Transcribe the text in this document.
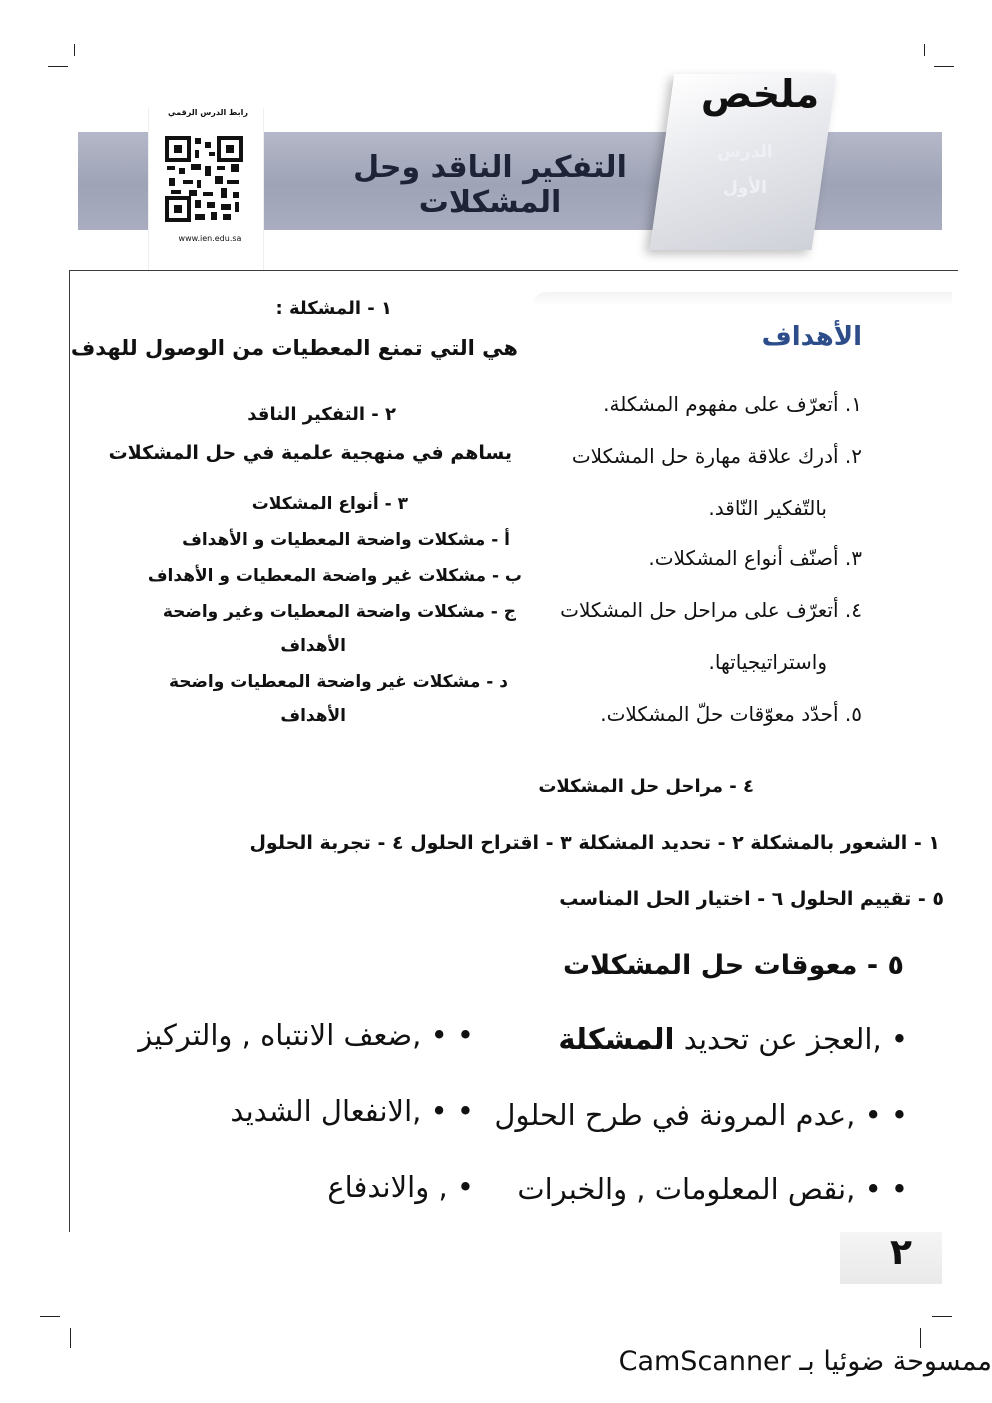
التفكير الناقد وحل المشكلات
رابط الدرس الرقمي
www.ien.edu.sa
ملخص
الدرس
الأول
الأهداف
١. أتعرّف على مفهوم المشكلة.
٢. أدرك علاقة مهارة حل المشكلات
بالتّفكير النّاقد.
٣. أصنّف أنواع المشكلات.
٤. أتعرّف على مراحل حل المشكلات
واستراتيجياتها.
٥. أحدّد معوّقات حلّ المشكلات.
١ - المشكلة :
هي التي تمنع المعطيات من الوصول للهدف
٢ - التفكير الناقد
يساهم في منهجية علمية في حل المشكلات
٣ - أنواع المشكلات
أ - مشكلات واضحة المعطيات و الأهداف
ب - مشكلات غير واضحة المعطيات و الأهداف
ج - مشكلات واضحة المعطيات وغير واضحة
الأهداف
د - مشكلات غير واضحة المعطيات واضحة
الأهداف
٤ - مراحل حل المشكلات
١ - الشعور بالمشكلة ٢ - تحديد المشكلة ٣ - اقتراح الحلول ٤ - تجربة الحلول
٥ - تقييم الحلول ٦ - اختيار الحل المناسب
٥ - معوقات حل المشكلات
• ,العجز عن تحديد المشكلة
• • ,عدم المرونة في طرح الحلول
• • ,نقص المعلومات , والخبرات
• • ,ضعف الانتباه , والتركيز
• • ,الانفعال الشديد
• , والاندفاع
٢
ممسوحة ضوئيا بـ CamScanner
